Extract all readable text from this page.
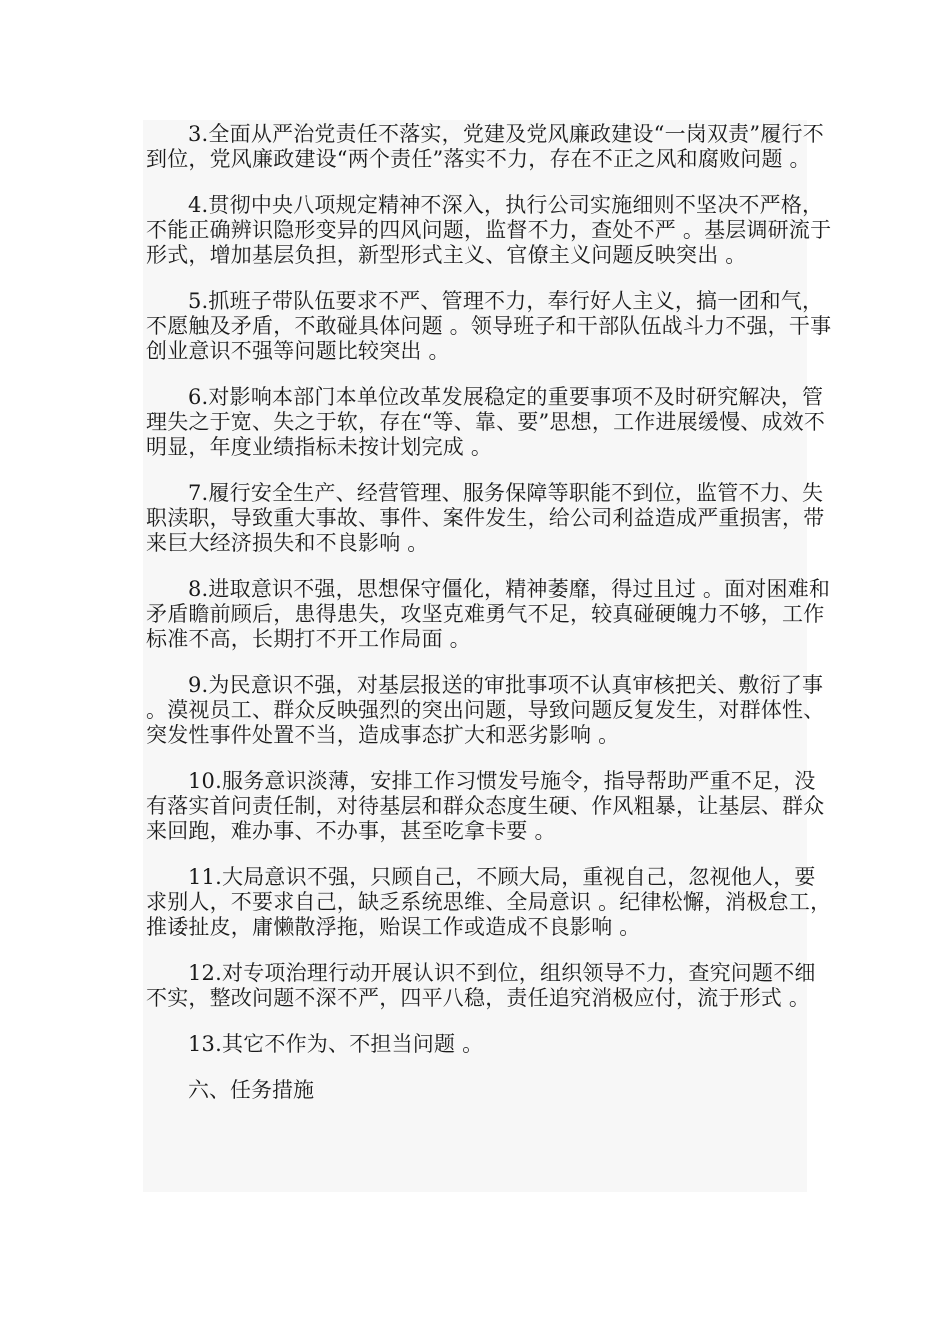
3.全面从严治党责任不落实，党建及党风廉政建设“一岗双责”履行不到位，党风廉政建设“两个责任”落实不力，存在不正之风和腐败问题 。

4.贯彻中央八项规定精神不深入，执行公司实施细则不坚决不严格，不能正确辨识隐形变异的四风问题，监督不力，查处不严 。基层调研流于形式，增加基层负担，新型形式主义、官僚主义问题反映突出 。

5.抓班子带队伍要求不严、管理不力，奉行好人主义，搞一团和气，不愿触及矛盾，不敢碰具体问题 。领导班子和干部队伍战斗力不强，干事创业意识不强等问题比较突出 。

6.对影响本部门本单位改革发展稳定的重要事项不及时研究解决，管理失之于宽、失之于软，存在“等、靠、要”思想，工作进展缓慢、成效不明显，年度业绩指标未按计划完成 。

7.履行安全生产、经营管理、服务保障等职能不到位，监管不力、失职渎职，导致重大事故、事件、案件发生，给公司利益造成严重损害，带来巨大经济损失和不良影响 。

8.进取意识不强，思想保守僵化，精神萎靡，得过且过 。面对困难和矛盾瞻前顾后，患得患失，攻坚克难勇气不足，较真碰硬魄力不够，工作标准不高，长期打不开工作局面 。

9.为民意识不强，对基层报送的审批事项不认真审核把关、敷衍了事 。漠视员工、群众反映强烈的突出问题，导致问题反复发生，对群体性、突发性事件处置不当，造成事态扩大和恶劣影响 。

10.服务意识淡薄，安排工作习惯发号施令，指导帮助严重不足，没有落实首问责任制，对待基层和群众态度生硬、作风粗暴，让基层、群众来回跑，难办事、不办事，甚至吃拿卡要 。

11.大局意识不强，只顾自己，不顾大局，重视自己，忽视他人，要求别人，不要求自己，缺乏系统思维、全局意识 。纪律松懈，消极怠工，推诿扯皮，庸懒散浮拖，贻误工作或造成不良影响 。

12.对专项治理行动开展认识不到位，组织领导不力，查究问题不细不实，整改问题不深不严，四平八稳，责任追究消极应付，流于形式 。

13.其它不作为、不担当问题 。

六、任务措施
